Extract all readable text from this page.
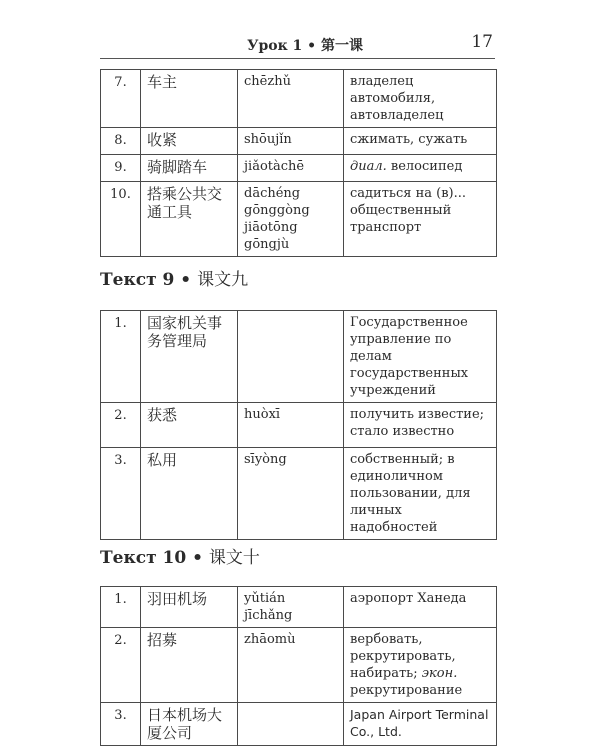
Урок 1 • 第一课	17
7.	车主	chēzhǔ	владелец автомобиля, автовладелец
8.	收紧	shōujǐn	сжимать, сужать
9.	骑脚踏车	jiǎotàchē	диал. велосипед
10.	搭乘公共交通工具	dāchéng gōnggòng jiāotōng gōngjù	садиться на (в)... общественный транспорт
Текст 9 • 课文九
1.	国家机关事务管理局		Государственное управление по делам государственных учреждений
2.	获悉	huòxī	получить известие; стало известно
3.	私用	sīyòng	собственный; в единоличном пользовании, для личных надобностей
Текст 10 • 课文十
1.	羽田机场	yǔtián jīchǎng	аэропорт Ханеда
2.	招募	zhāomù	вербовать, рекрутировать, набирать; экон. рекрутирование
3.	日本机场大厦公司		Japan Airport Terminal Co., Ltd.
